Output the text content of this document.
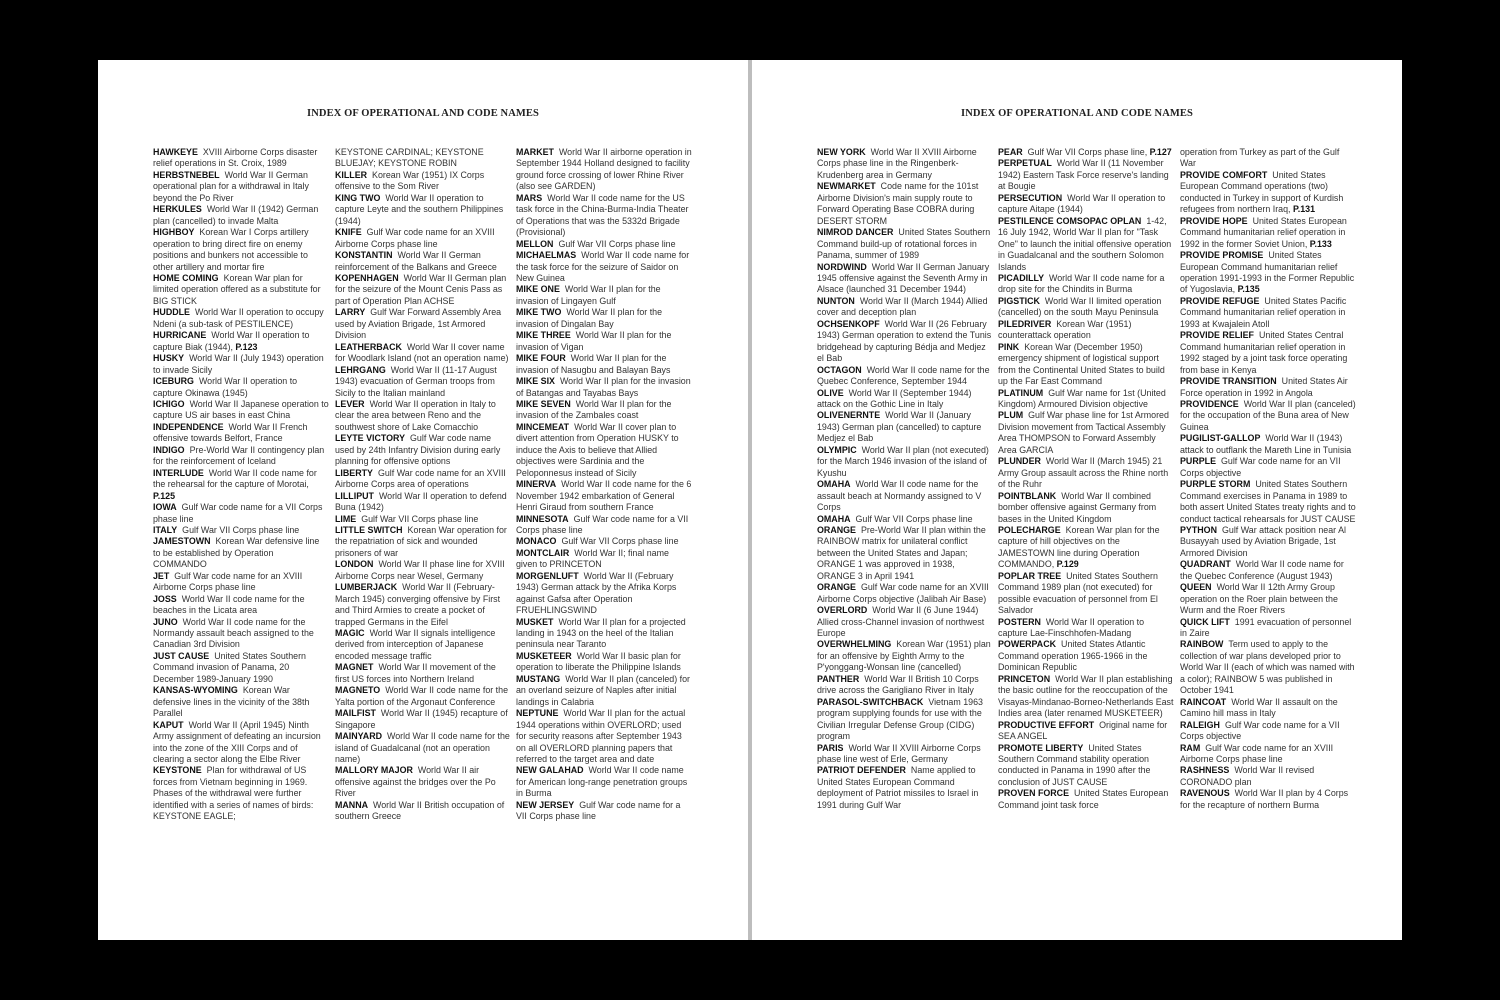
INDEX OF OPERATIONAL AND CODE NAMES
HAWKEYE XVIII Airborne Corps disaster relief operations in St. Croix, 1989
HERBSTNEBEL World War II German operational plan for a withdrawal in Italy beyond the Po River
HERKULES World War II (1942) German plan (cancelled) to invade Malta
HIGHBOY Korean War I Corps artillery operation to bring direct fire on enemy positions and bunkers not accessible to other artillery and mortar fire
HOME COMING Korean War plan for limited operation offered as a substitute for BIG STICK
HUDDLE World War II operation to occupy Ndeni (a sub-task of PESTILENCE)
HURRICANE World War II operation to capture Biak (1944), P.123
HUSKY World War II (July 1943) operation to invade Sicily
ICEBURG World War II operation to capture Okinawa (1945)
ICHIGO World War II Japanese operation to capture US air bases in east China
INDEPENDENCE World War II French offensive towards Belfort, France
INDIGO Pre-World War II contingency plan for the reinforcement of Iceland
INTERLUDE World War II code name for the rehearsal for the capture of Morotai, P.125
IOWA Gulf War code name for a VII Corps phase line
ITALY Gulf War VII Corps phase line
JAMESTOWN Korean War defensive line to be established by Operation COMMANDO
JET Gulf War code name for an XVIII Airborne Corps phase line
JOSS World War II code name for the beaches in the Licata area
JUNO World War II code name for the Normandy assault beach assigned to the Canadian 3rd Division
JUST CAUSE United States Southern Command invasion of Panama, 20 December 1989-January 1990
KANSAS-WYOMING Korean War defensive lines in the vicinity of the 38th Parallel
KAPUT World War II (April 1945) Ninth Army assignment of defeating an incursion into the zone of the XIII Corps and of clearing a sector along the Elbe River
KEYSTONE Plan for withdrawal of US forces from Vietnam beginning in 1969. Phases of the withdrawal were further identified with a series of names of birds: KEYSTONE EAGLE;
KEYSTONE CARDINAL; KEYSTONE BLUEJAY; KEYSTONE ROBIN
KILLER Korean War (1951) IX Corps offensive to the Som River
KING TWO World War II operation to capture Leyte and the southern Philippines (1944)
KNIFE Gulf War code name for an XVIII Airborne Corps phase line
KONSTANTIN World War II German reinforcement of the Balkans and Greece
KOPENHAGEN World War II German plan for the seizure of the Mount Cenis Pass as part of Operation Plan ACHSE
LARRY Gulf War Forward Assembly Area used by Aviation Brigade, 1st Armored Division
LEATHERBACK World War II cover name for Woodlark Island (not an operation name)
LEHRGANG World War II (11-17 August 1943) evacuation of German troops from Sicily to the Italian mainland
LEVER World War II operation in Italy to clear the area between Reno and the southwest shore of Lake Comacchio
LEYTE VICTORY Gulf War code name used by 24th Infantry Division during early planning for offensive options
LIBERTY Gulf War code name for an XVIII Airborne Corps area of operations
LILLIPUT World War II operation to defend Buna (1942)
LIME Gulf War VII Corps phase line
LITTLE SWITCH Korean War operation for the repatriation of sick and wounded prisoners of war
LONDON World War II phase line for XVIII Airborne Corps near Wesel, Germany
LUMBERJACK World War II (February-March 1945) converging offensive by First and Third Armies to create a pocket of trapped Germans in the Eifel
MAGIC World War II signals intelligence derived from interception of Japanese encoded message traffic
MAGNET World War II movement of the first US forces into Northern Ireland
MAGNETO World War II code name for the Yalta portion of the Argonaut Conference
MAILFIST World War II (1945) recapture of Singapore
MAINYARD World War II code name for the island of Guadalcanal (not an operation name)
MALLORY MAJOR World War II air offensive against the bridges over the Po River
MANNA World War II British occupation of southern Greece
MARKET World War II airborne operation in September 1944 Holland designed to facility ground force crossing of lower Rhine River (also see GARDEN)
MARS World War II code name for the US task force in the China-Burma-India Theater of Operations that was the 5332d Brigade (Provisional)
MELLON Gulf War VII Corps phase line
MICHAELMAS World War II code name for the task force for the seizure of Saidor on New Guinea
MIKE ONE World War II plan for the invasion of Lingayen Gulf
MIKE TWO World War II plan for the invasion of Dingalan Bay
MIKE THREE World War II plan for the invasion of Vigan
MIKE FOUR World War II plan for the invasion of Nasugbu and Balayan Bays
MIKE SIX World War II plan for the invasion of Batangas and Tayabas Bays
MIKE SEVEN World War II plan for the invasion of the Zambales coast
MINCEMEAT World War II cover plan to divert attention from Operation HUSKY to induce the Axis to believe that Allied objectives were Sardinia and the Peloponnesus instead of Sicily
MINERVA World War II code name for the 6 November 1942 embarkation of General Henri Giraud from southern France
MINNESOTA Gulf War code name for a VII Corps phase line
MONACO Gulf War VII Corps phase line
MONTCLAIR World War II; final name given to PRINCETON
MORGENLUFT World War II (February 1943) German attack by the Afrika Korps against Gafsa after Operation FRUEHLINGSWIND
MUSKET World War II plan for a projected landing in 1943 on the heel of the Italian peninsula near Taranto
MUSKETEER World War II basic plan for operation to liberate the Philippine Islands
MUSTANG World War II plan (canceled) for an overland seizure of Naples after initial landings in Calabria
NEPTUNE World War II plan for the actual 1944 operations within OVERLORD; used for security reasons after September 1943 on all OVERLORD planning papers that referred to the target area and date
NEW GALAHAD World War II code name for American long-range penetration groups in Burma
NEW JERSEY Gulf War code name for a VII Corps phase line
INDEX OF OPERATIONAL AND CODE NAMES
NEW YORK World War II XVIII Airborne Corps phase line in the Ringenberk-Krudenberg area in Germany
NEWMARKET Code name for the 101st Airborne Division's main supply route to Forward Operating Base COBRA during DESERT STORM
NIMROD DANCER United States Southern Command build-up of rotational forces in Panama, summer of 1989
NORDWIND World War II German January 1945 offensive against the Seventh Army in Alsace (launched 31 December 1944)
NUNTON World War II (March 1944) Allied cover and deception plan
OCHSENKOPF World War II (26 February 1943) German operation to extend the Tunis bridgehead by capturing Bédja and Medjez el Bab
OCTAGON World War II code name for the Quebec Conference, September 1944
OLIVE World War II (September 1944) attack on the Gothic Line in Italy
OLIVENERNTE World War II (January 1943) German plan (cancelled) to capture Medjez el Bab
OLYMPIC World War II plan (not executed) for the March 1946 invasion of the island of Kyushu
OMAHA World War II code name for the assault beach at Normandy assigned to V Corps
OMAHA Gulf War VII Corps phase line
ORANGE Pre-World War II plan within the RAINBOW matrix for unilateral conflict between the United States and Japan; ORANGE 1 was approved in 1938, ORANGE 3 in April 1941
ORANGE Gulf War code name for an XVIII Airborne Corps objective (Jalibah Air Base)
OVERLORD World War II (6 June 1944) Allied cross-Channel invasion of northwest Europe
OVERWHELMING Korean War (1951) plan for an offensive by Eighth Army to the P'yonggang-Wonsan line (cancelled)
PANTHER World War II British 10 Corps drive across the Garigliano River in Italy
PARASOL-SWITCHBACK Vietnam 1963 program supplying founds for use with the Civilian Irregular Defense Group (CIDG) program
PARIS World War II XVIII Airborne Corps phase line west of Erle, Germany
PATRIOT DEFENDER Name applied to United States European Command deployment of Patriot missiles to Israel in 1991 during Gulf War
PEAR Gulf War VII Corps phase line, P.127
PERPETUAL World War II (11 November 1942) Eastern Task Force reserve's landing at Bougie
PERSECUTION World War II operation to capture Aitape (1944)
PESTILENCE COMSOPAC OPLAN 1-42, 16 July 1942, World War II plan for "Task One" to launch the initial offensive operation in Guadalcanal and the southern Solomon Islands
PICADILLY World War II code name for a drop site for the Chindits in Burma
PIGSTICK World War II limited operation (cancelled) on the south Mayu Peninsula
PILEDRIVER Korean War (1951) counterattack operation
PINK Korean War (December 1950) emergency shipment of logistical support from the Continental United States to build up the Far East Command
PLATINUM Gulf War name for 1st (United Kingdom) Armoured Division objective
PLUM Gulf War phase line for 1st Armored Division movement from Tactical Assembly Area THOMPSON to Forward Assembly Area GARCIA
PLUNDER World War II (March 1945) 21 Army Group assault across the Rhine north of the Ruhr
POINTBLANK World War II combined bomber offensive against Germany from bases in the United Kingdom
POLECHARGE Korean War plan for the capture of hill objectives on the JAMESTOWN line during Operation COMMANDO, P.129
POPLAR TREE United States Southern Command 1989 plan (not executed) for possible evacuation of personnel from El Salvador
POSTERN World War II operation to capture Lae-Finschhofen-Madang
POWERPACK United States Atlantic Command operation 1965-1966 in the Dominican Republic
PRINCETON World War II plan establishing the basic outline for the reoccupation of the Visayas-Mindanao-Borneo-Netherlands East Indies area (later renamed MUSKETEER)
PRODUCTIVE EFFORT Original name for SEA ANGEL
PROMOTE LIBERTY United States Southern Command stability operation conducted in Panama in 1990 after the conclusion of JUST CAUSE
PROVEN FORCE United States European Command joint task force
operation from Turkey as part of the Gulf War
PROVIDE COMFORT United States European Command operations (two) conducted in Turkey in support of Kurdish refugees from northern Iraq, P.131
PROVIDE HOPE United States European Command humanitarian relief operation in 1992 in the former Soviet Union, P.133
PROVIDE PROMISE United States European Command humanitarian relief operation 1991-1993 in the Former Republic of Yugoslavia, P.135
PROVIDE REFUGE United States Pacific Command humanitarian relief operation in 1993 at Kwajalein Atoll
PROVIDE RELIEF United States Central Command humanitarian relief operation in 1992 staged by a joint task force operating from base in Kenya
PROVIDE TRANSITION United States Air Force operation in 1992 in Angola
PROVIDENCE World War II plan (canceled) for the occupation of the Buna area of New Guinea
PUGILIST-GALLOP World War II (1943) attack to outflank the Mareth Line in Tunisia
PURPLE Gulf War code name for an VII Corps objective
PURPLE STORM United States Southern Command exercises in Panama in 1989 to both assert United States treaty rights and to conduct tactical rehearsals for JUST CAUSE
PYTHON Gulf War attack position near Al Busayyah used by Aviation Brigade, 1st Armored Division
QUADRANT World War II code name for the Quebec Conference (August 1943)
QUEEN World War II 12th Army Group operation on the Roer plain between the Wurm and the Roer Rivers
QUICK LIFT 1991 evacuation of personnel in Zaire
RAINBOW Term used to apply to the collection of war plans developed prior to World War II (each of which was named with a color); RAINBOW 5 was published in October 1941
RAINCOAT World War II assault on the Camino hill mass in Italy
RALEIGH Gulf War code name for a VII Corps objective
RAM Gulf War code name for an XVIII Airborne Corps phase line
RASHNESS World War II revised CORONADO plan
RAVENOUS World War II plan by 4 Corps for the recapture of northern Burma
